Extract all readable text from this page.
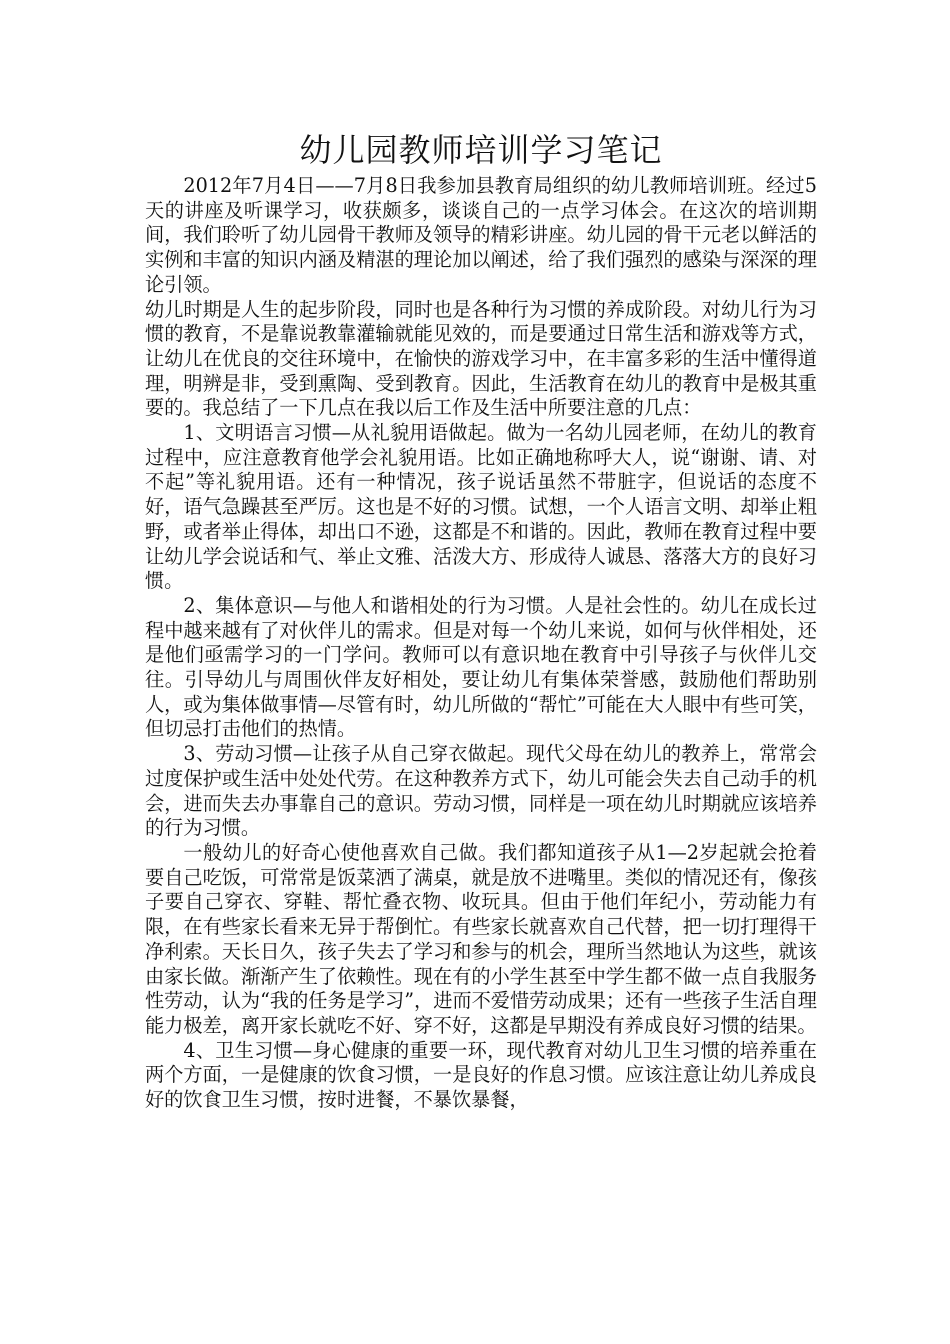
幼儿园教师培训学习笔记

2012年7月4日——7月8日我参加县教育局组织的幼儿教师培训班。经过5天的讲座及听课学习，收获颇多，谈谈自己的一点学习体会。在这次的培训期间，我们聆听了幼儿园骨干教师及领导的精彩讲座。幼儿园的骨干元老以鲜活的实例和丰富的知识内涵及精湛的理论加以阐述，给了我们强烈的感染与深深的理论引领。

幼儿时期是人生的起步阶段，同时也是各种行为习惯的养成阶段。对幼儿行为习惯的教育，不是靠说教靠灌输就能见效的，而是要通过日常生活和游戏等方式，让幼儿在优良的交往环境中，在愉快的游戏学习中，在丰富多彩的生活中懂得道理，明辨是非，受到熏陶、受到教育。因此，生活教育在幼儿的教育中是极其重要的。我总结了一下几点在我以后工作及生活中所要注意的几点：

1、文明语言习惯—从礼貌用语做起。做为一名幼儿园老师，在幼儿的教育过程中，应注意教育他学会礼貌用语。比如正确地称呼大人，说“谢谢、请、对不起”等礼貌用语。还有一种情况，孩子说话虽然不带脏字，但说话的态度不好，语气急躁甚至严厉。这也是不好的习惯。试想，一个人语言文明、却举止粗野，或者举止得体，却出口不逊，这都是不和谐的。因此，教师在教育过程中要让幼儿学会说话和气、举止文雅、活泼大方、形成待人诚恳、落落大方的良好习惯。

2、集体意识—与他人和谐相处的行为习惯。人是社会性的。幼儿在成长过程中越来越有了对伙伴儿的需求。但是对每一个幼儿来说，如何与伙伴相处，还是他们亟需学习的一门学问。教师可以有意识地在教育中引导孩子与伙伴儿交往。引导幼儿与周围伙伴友好相处，要让幼儿有集体荣誉感，鼓励他们帮助别人，或为集体做事情—尽管有时，幼儿所做的“帮忙”可能在大人眼中有些可笑，但切忌打击他们的热情。

3、劳动习惯—让孩子从自己穿衣做起。现代父母在幼儿的教养上，常常会过度保护或生活中处处代劳。在这种教养方式下，幼儿可能会失去自己动手的机会，进而失去办事靠自己的意识。劳动习惯，同样是一项在幼儿时期就应该培养的行为习惯。

一般幼儿的好奇心使他喜欢自己做。我们都知道孩子从1—2岁起就会抢着要自己吃饭，可常常是饭菜洒了满桌，就是放不进嘴里。类似的情况还有，像孩子要自己穿衣、穿鞋、帮忙叠衣物、收玩具。但由于他们年纪小，劳动能力有限，在有些家长看来无异于帮倒忙。有些家长就喜欢自己代替，把一切打理得干净利索。天长日久，孩子失去了学习和参与的机会，理所当然地认为这些，就该由家长做。渐渐产生了依赖性。现在有的小学生甚至中学生都不做一点自我服务性劳动，认为“我的任务是学习”，进而不爱惜劳动成果；还有一些孩子生活自理能力极差，离开家长就吃不好、穿不好，这都是早期没有养成良好习惯的结果。

4、卫生习惯—身心健康的重要一环，现代教育对幼儿卫生习惯的培养重在两个方面，一是健康的饮食习惯，一是良好的作息习惯。应该注意让幼儿养成良好的饮食卫生习惯，按时进餐，不暴饮暴餐，
